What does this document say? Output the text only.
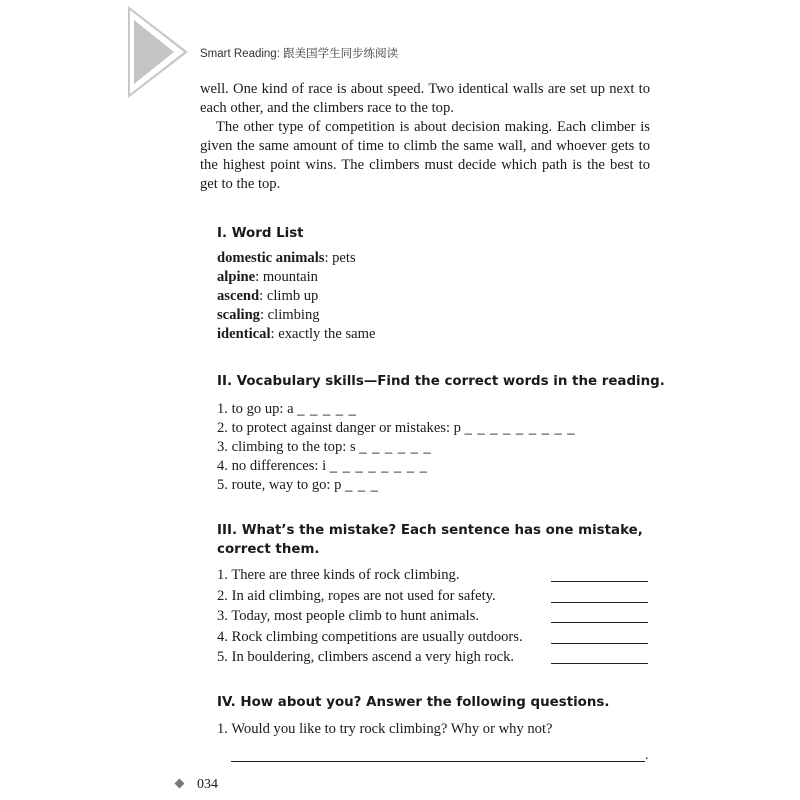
Smart Reading: 跟美国学生同步练阅读

well. One kind of race is about speed. Two identical walls are set up next to each other, and the climbers race to the top.

The other type of competition is about decision making. Each climber is given the same amount of time to climb the same wall, and whoever gets to the highest point wins. The climbers must decide which path is the best to get to the top.

I. Word List
domestic animals: pets
alpine: mountain
ascend: climb up
scaling: climbing
identical: exactly the same
II. Vocabulary skills—Find the correct words in the reading.
1. to go up: a _ _ _ _ _
2. to protect against danger or mistakes: p _ _ _ _ _ _ _ _ _
3. climbing to the top: s _ _ _ _ _ _
4. no differences: i _ _ _ _ _ _ _ _
5. route, way to go: p _ _ _
III. What’s the mistake? Each sentence has one mistake,
correct them.
1. There are three kinds of rock climbing.
2. In aid climbing, ropes are not used for safety.
3. Today, most people climb to hunt animals.
4. Rock climbing competitions are usually outdoors.
5. In bouldering, climbers ascend a very high rock.
IV. How about you? Answer the following questions.
1. Would you like to try rock climbing? Why or why not?
.
034
